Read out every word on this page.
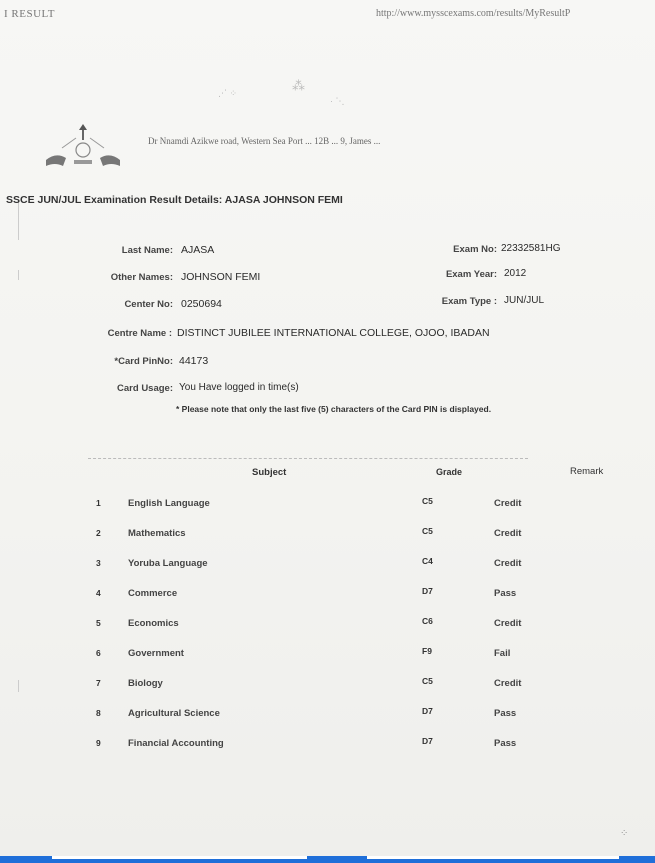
I RESULT	http://www.mysscexams.com/results/MyResultP
⋰ ⁘	⁂
· ⋱
Dr Nnamdi Azikwe road, Western Sea Port ... 12B ... 9, James ...
SSCE JUN/JUL Examination Result Details: AJASA JOHNSON FEMI
Last Name: AJASA
Other Names: JOHNSON FEMI
Center No: 0250694
Centre Name : DISTINCT JUBILEE INTERNATIONAL COLLEGE, OJOO, IBADAN
*Card PinNo: 44173
Card Usage: You Have logged in time(s)
Exam No: 22332581HG
Exam Year: 2012
Exam Type : JUN/JUL
* Please note that only the last five (5) characters of the Card PIN is displayed.
Subject	Grade	Remark
1	English Language	C5	Credit
2	Mathematics	C5	Credit
3	Yoruba Language	C4	Credit
4	Commerce	D7	Pass
5	Economics	C6	Credit
6	Government	F9	Fail
7	Biology	C5	Credit
8	Agricultural Science	D7	Pass
9	Financial Accounting	D7	Pass
⁘
